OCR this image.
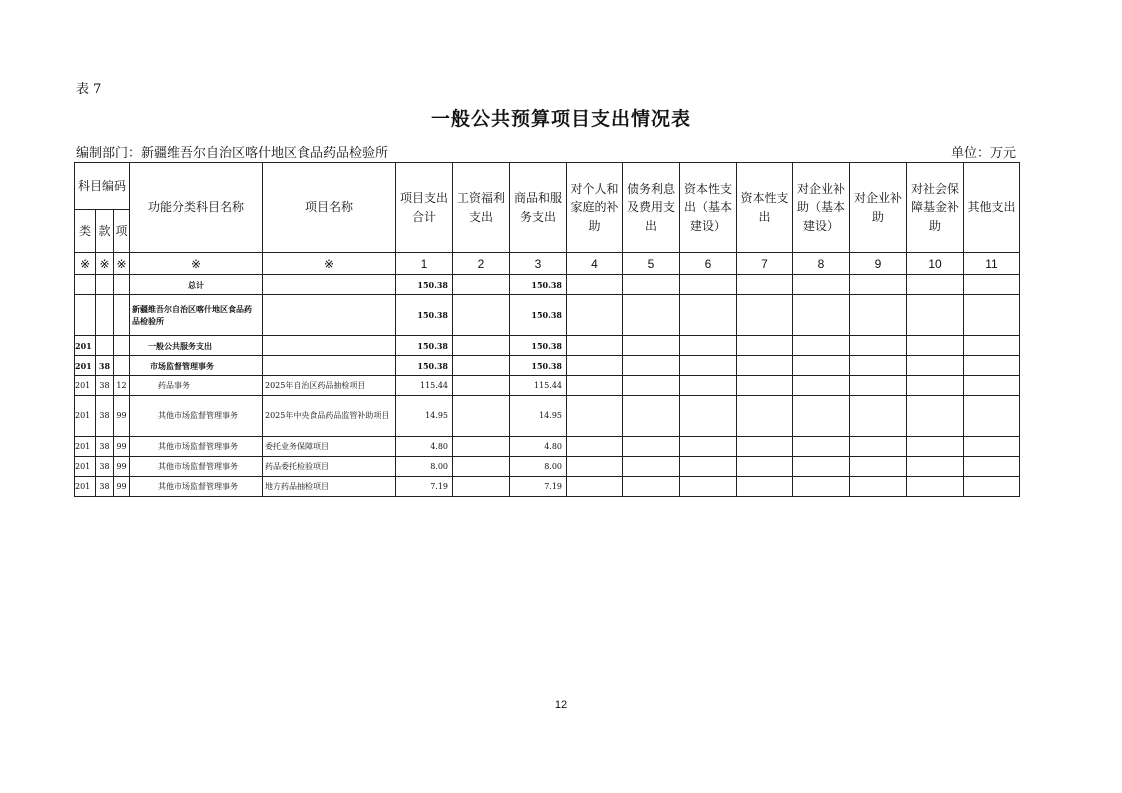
表 7
一般公共预算项目支出情况表
编制部门：新疆维吾尔自治区喀什地区食品药品检验所	单位：万元
科目编码			功能分类科目名称	项目名称	项目支出合计	工资福利支出	商品和服务支出	对个人和家庭的补助	债务利息及费用支出	资本性支出（基本建设）	资本性支出	对企业补助（基本建设）	对企业补助	对社会保障基金补助	其他支出
类	款	项													
※	※	※	※	※	1	2	3	4	5	6	7	8	9	10	11
			总计		150.38		150.38								
			新疆维吾尔自治区喀什地区食品药品检验所		150.38		150.38								
201			一般公共服务支出		150.38		150.38								
201	38		市场监督管理事务		150.38		150.38								
201	38	12	药品事务	2025年自治区药品抽检项目	115.44		115.44								
201	38	99	其他市场监督管理事务	2025年中央食品药品监管补助项目	14.95		14.95								
201	38	99	其他市场监督管理事务	委托业务保障项目	4.80		4.80								
201	38	99	其他市场监督管理事务	药品委托检验项目	8.00		8.00								
201	38	99	其他市场监督管理事务	地方药品抽检项目	7.19		7.19								
12
